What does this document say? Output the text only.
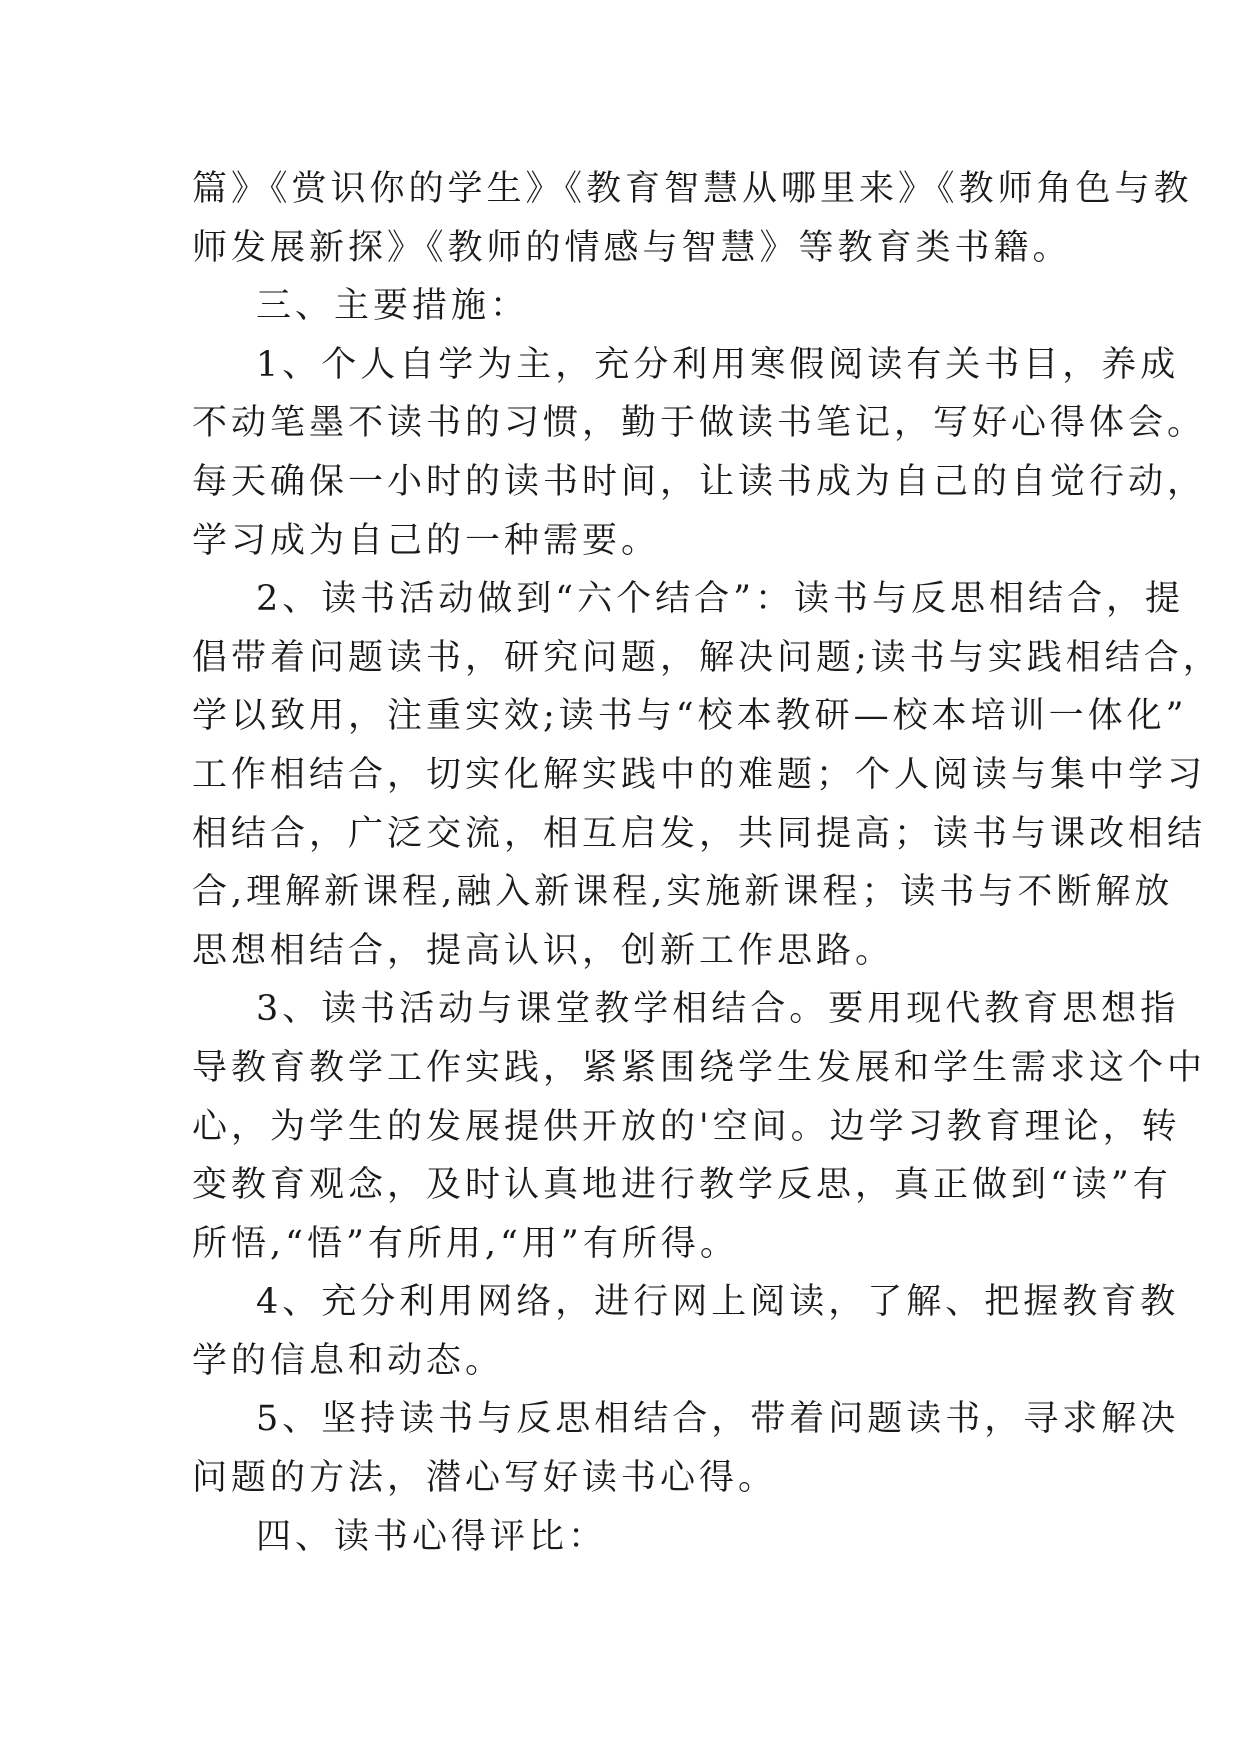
篇》《赏识你的学生》《教育智慧从哪里来》《教师角色与教
师发展新探》《教师的情感与智慧》等教育类书籍。
三、主要措施：
1、个人自学为主，充分利用寒假阅读有关书目，养成
不动笔墨不读书的习惯，勤于做读书笔记，写好心得体会。
每天确保一小时的读书时间，让读书成为自己的自觉行动，
学习成为自己的一种需要。
2、读书活动做到“六个结合”：读书与反思相结合，提
倡带着问题读书，研究问题，解决问题;读书与实践相结合，
学以致用，注重实效;读书与“校本教研—校本培训一体化”
工作相结合，切实化解实践中的难题；个人阅读与集中学习
相结合，广泛交流，相互启发，共同提高；读书与课改相结
合,理解新课程,融入新课程,实施新课程；读书与不断解放
思想相结合，提高认识，创新工作思路。
3、读书活动与课堂教学相结合。要用现代教育思想指
导教育教学工作实践，紧紧围绕学生发展和学生需求这个中
心，为学生的发展提供开放的'空间。边学习教育理论，转
变教育观念，及时认真地进行教学反思，真正做到“读”有
所悟,“悟”有所用,“用”有所得。
4、充分利用网络，进行网上阅读，了解、把握教育教
学的信息和动态。
5、坚持读书与反思相结合，带着问题读书，寻求解决
问题的方法，潜心写好读书心得。
四、读书心得评比：
